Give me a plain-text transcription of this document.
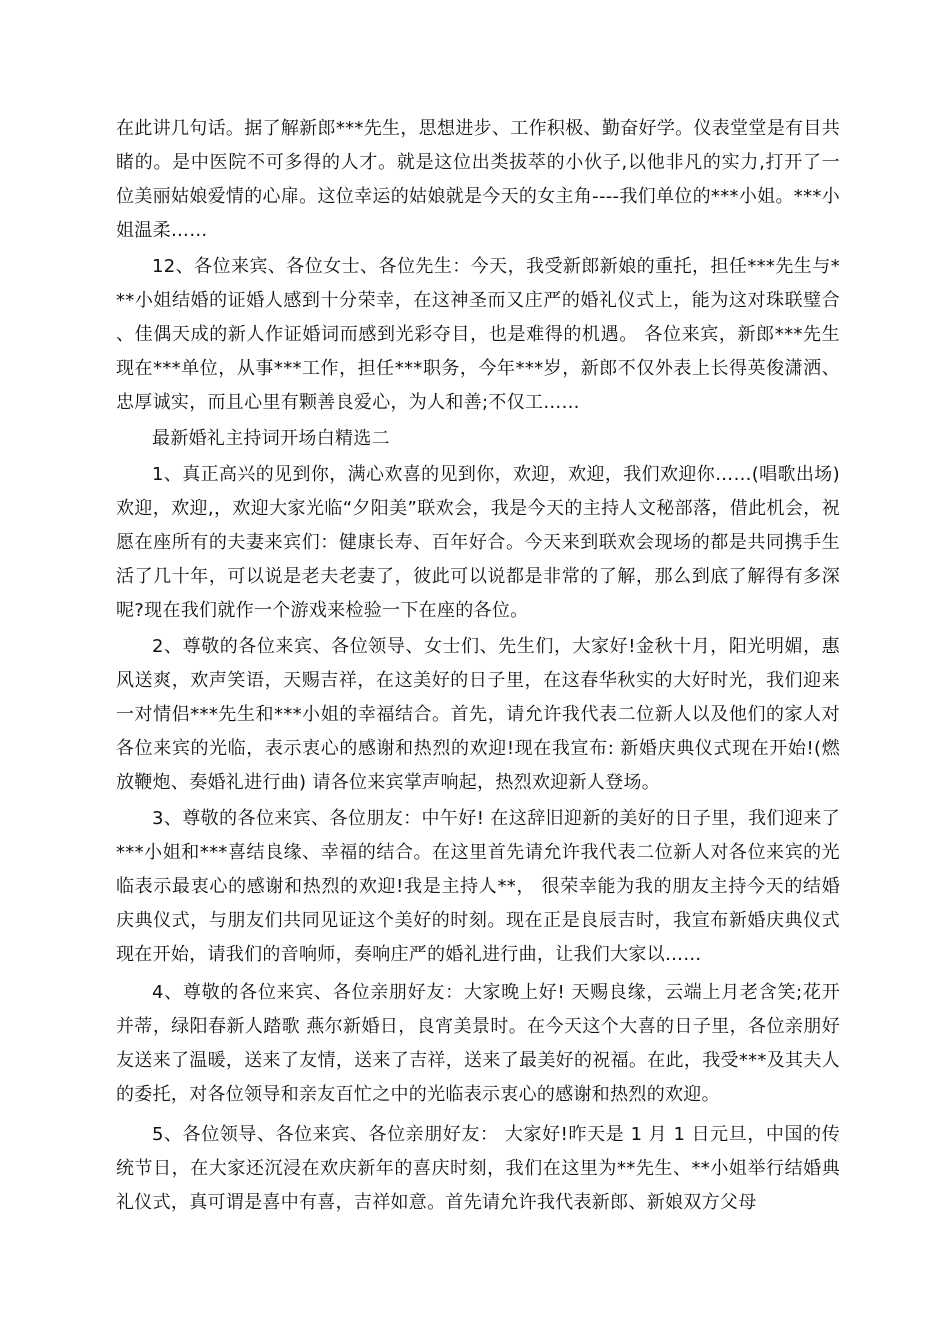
在此讲几句话。据了解新郎***先生，思想进步、工作积极、勤奋好学。仪表堂堂是有目共睹的。是中医院不可多得的人才。就是这位出类拔萃的小伙子,以他非凡的实力,打开了一位美丽姑娘爱情的心扉。这位幸运的姑娘就是今天的女主角----我们单位的***小姐。***小姐温柔……

12、各位来宾、各位女士、各位先生：今天，我受新郎新娘的重托，担任***先生与***小姐结婚的证婚人感到十分荣幸，在这神圣而又庄严的婚礼仪式上，能为这对珠联璧合、佳偶天成的新人作证婚词而感到光彩夺目，也是难得的机遇。 各位来宾，新郎***先生现在***单位，从事***工作，担任***职务，今年***岁，新郎不仅外表上长得英俊潇洒、忠厚诚实，而且心里有颗善良爱心，为人和善;不仅工……

最新婚礼主持词开场白精选二

1、真正高兴的见到你，满心欢喜的见到你，欢迎，欢迎，我们欢迎你……(唱歌出场) 欢迎，欢迎,，欢迎大家光临“夕阳美”联欢会，我是今天的主持人文秘部落，借此机会，祝愿在座所有的夫妻来宾们：健康长寿、百年好合。今天来到联欢会现场的都是共同携手生活了几十年，可以说是老夫老妻了，彼此可以说都是非常的了解，那么到底了解得有多深呢?现在我们就作一个游戏来检验一下在座的各位。

2、尊敬的各位来宾、各位领导、女士们、先生们，大家好!金秋十月，阳光明媚，惠风送爽，欢声笑语，天赐吉祥，在这美好的日子里，在这春华秋实的大好时光，我们迎来一对情侣***先生和***小姐的幸福结合。首先，请允许我代表二位新人以及他们的家人对各位来宾的光临，表示衷心的感谢和热烈的欢迎!现在我宣布: 新婚庆典仪式现在开始!(燃放鞭炮、奏婚礼进行曲) 请各位来宾掌声响起，热烈欢迎新人登场。

3、尊敬的各位来宾、各位朋友：中午好! 在这辞旧迎新的美好的日子里，我们迎来了***小姐和***喜结良缘、幸福的结合。在这里首先请允许我代表二位新人对各位来宾的光临表示最衷心的感谢和热烈的欢迎!我是主持人**， 很荣幸能为我的朋友主持今天的结婚庆典仪式，与朋友们共同见证这个美好的时刻。现在正是良辰吉时，我宣布新婚庆典仪式现在开始，请我们的音响师，奏响庄严的婚礼进行曲，让我们大家以……

4、尊敬的各位来宾、各位亲朋好友：大家晚上好! 天赐良缘，云端上月老含笑;花开并蒂，绿阳春新人踏歌 燕尔新婚日，良宵美景时。在今天这个大喜的日子里，各位亲朋好友送来了温暖，送来了友情，送来了吉祥，送来了最美好的祝福。在此，我受***及其夫人的委托，对各位领导和亲友百忙之中的光临表示衷心的感谢和热烈的欢迎。

5、各位领导、各位来宾、各位亲朋好友： 大家好!昨天是 1 月 1 日元旦，中国的传统节日，在大家还沉浸在欢庆新年的喜庆时刻，我们在这里为**先生、**小姐举行结婚典礼仪式，真可谓是喜中有喜，吉祥如意。首先请允许我代表新郎、新娘双方父母
